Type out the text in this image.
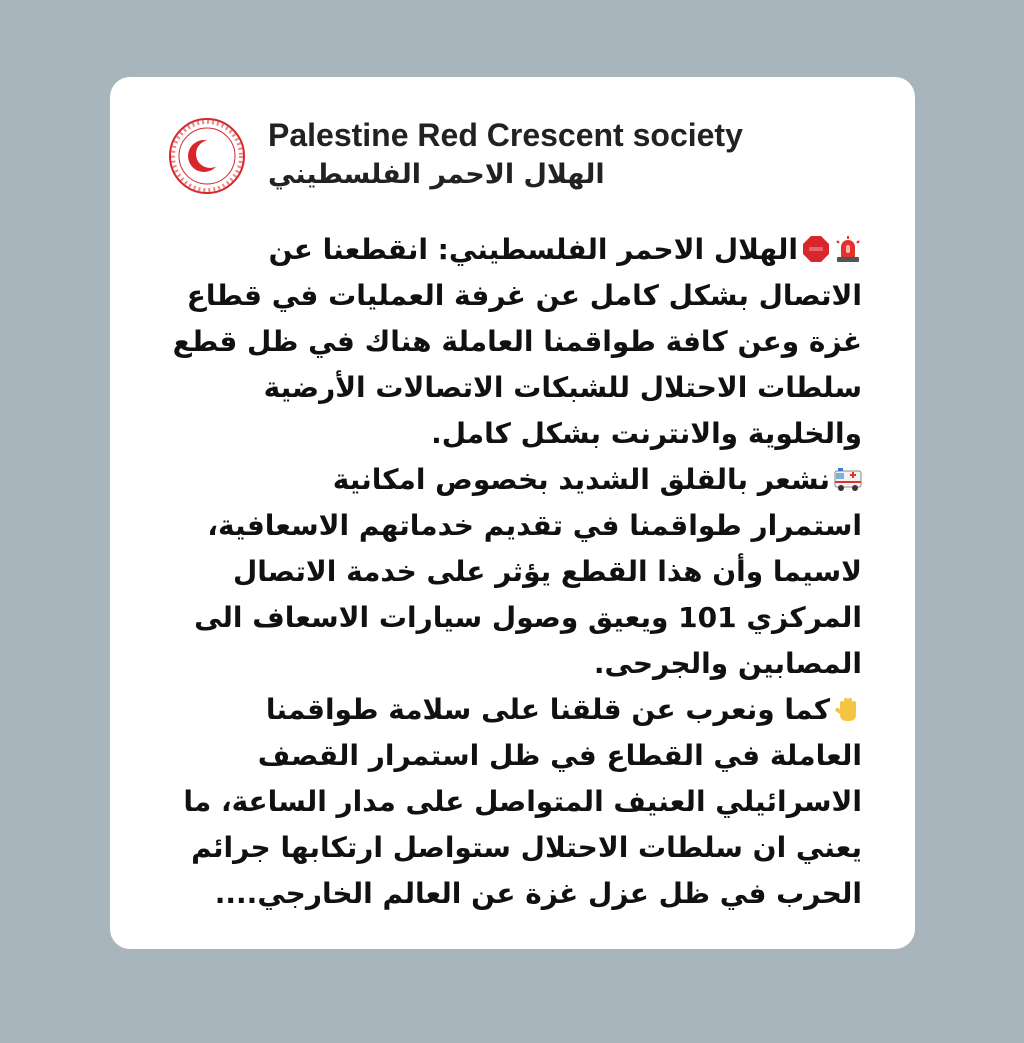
Palestine Red Crescent society
الهلال الاحمر الفلسطيني
الهلال الاحمر الفلسطيني: انقطعنا عن
الاتصال بشكل كامل عن غرفة العمليات في قطاع
غزة وعن كافة طواقمنا العاملة هناك في ظل قطع
سلطات الاحتلال للشبكات الاتصالات الأرضية
والخلوية والانترنت بشكل كامل.
نشعر بالقلق الشديد بخصوص امكانية
استمرار طواقمنا في تقديم خدماتهم الاسعافية،
لاسيما وأن هذا القطع يؤثر على خدمة الاتصال
المركزي 101 ويعيق وصول سيارات الاسعاف الى
المصابين والجرحى.
كما ونعرب عن قلقنا على سلامة طواقمنا
العاملة في القطاع في ظل استمرار القصف
الاسرائيلي العنيف المتواصل على مدار الساعة، ما
يعني ان سلطات الاحتلال ستواصل ارتكابها جرائم
الحرب في ظل عزل غزة عن العالم الخارجي....
